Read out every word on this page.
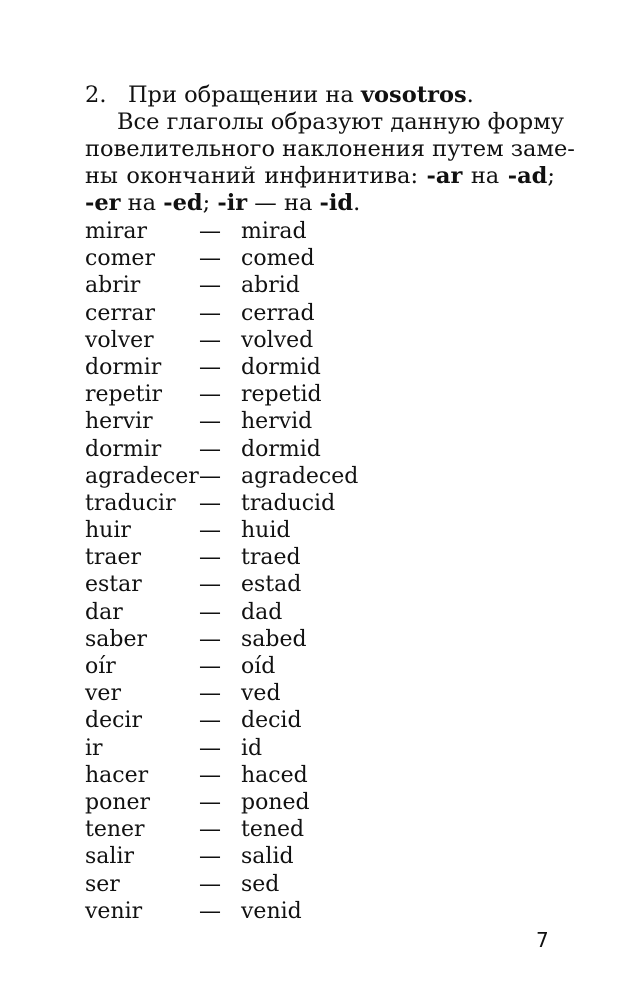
2. При обращении на vosotros.
Все глаголы образуют данную форму
повелительного наклонения путем заме-
ны окончаний инфинитива: -ar на -ad;
-er на -ed; -ir — на -id.
mirar — mirad
comer — comed
abrir	— abrid
cerrar — cerrad
volver — volved
dormir — dormid
repetir — repetid
hervir — hervid
dormir — dormid
agradecer — agradeced
traducir — traducid
huir	— huid
traer	— traed
estar	— estad
dar	— dad
saber — sabed
oír	— oíd
ver	— ved
decir	— decid
ir	— id
hacer — haced
poner — poned
tener — tened
salir	— salid
ser	— sed
venir	— venid
7
